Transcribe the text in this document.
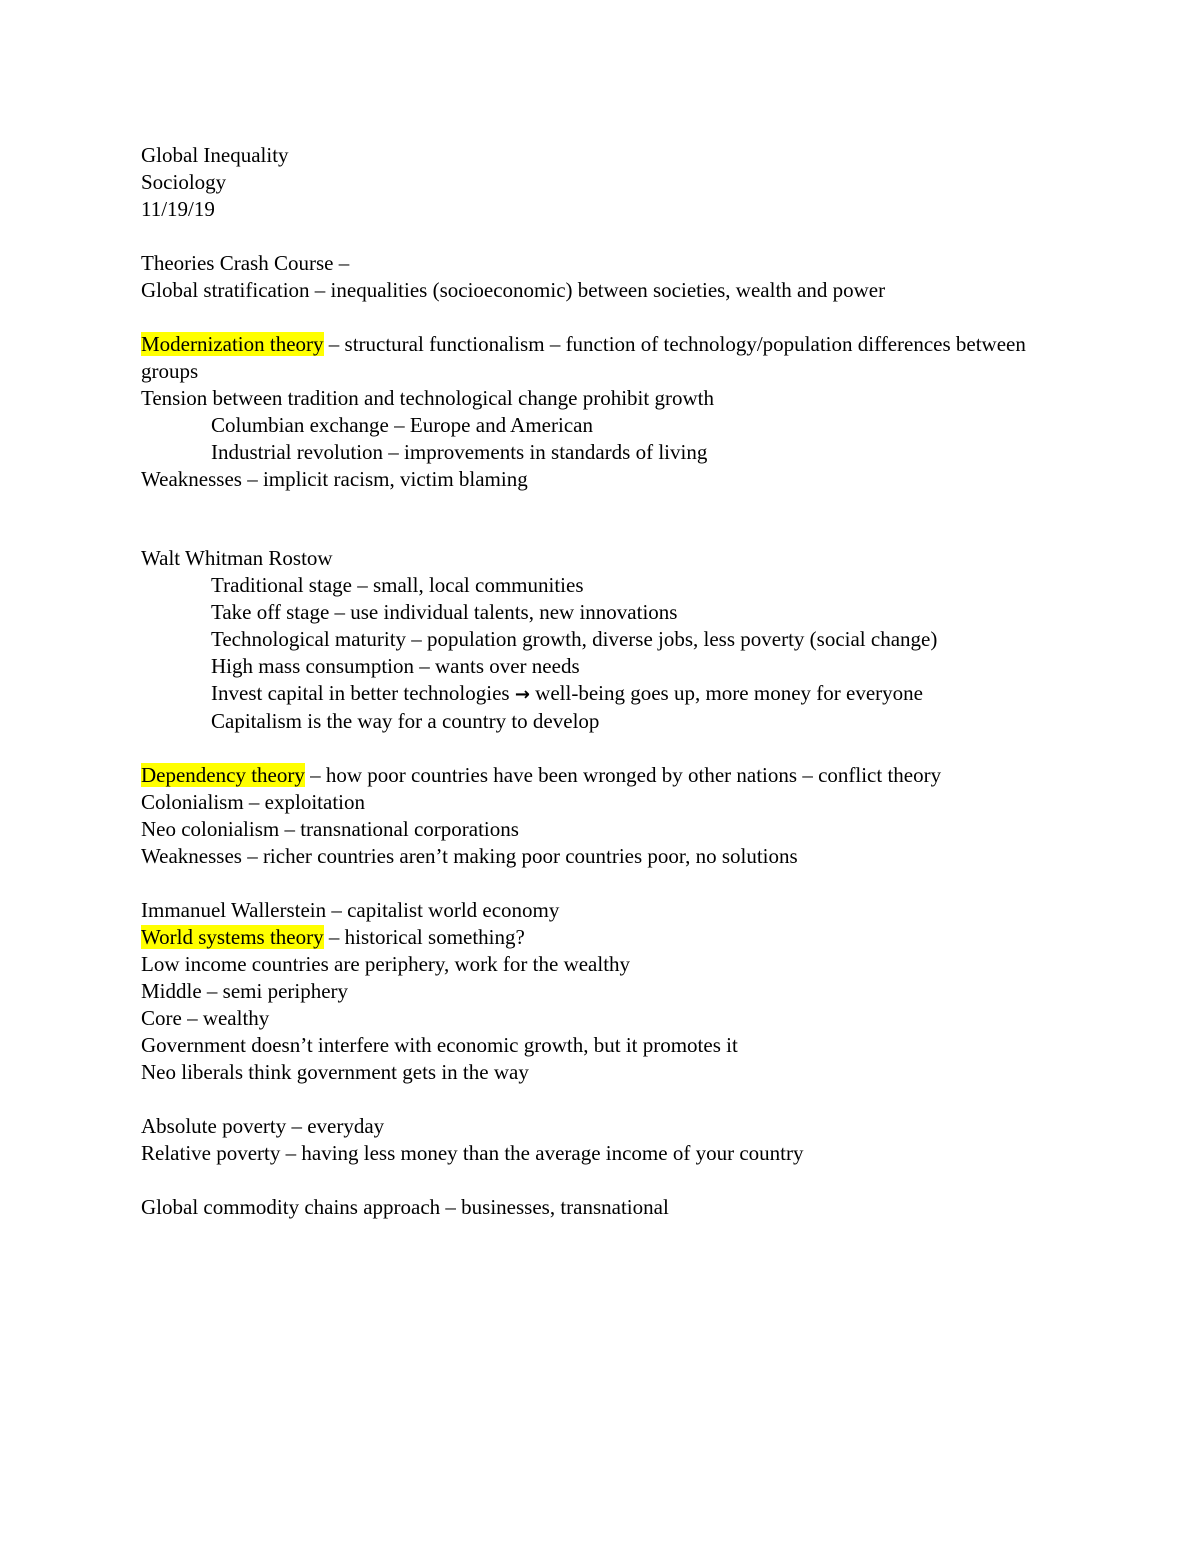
Global Inequality
Sociology
11/19/19
Theories Crash Course –
Global stratification – inequalities (socioeconomic) between societies, wealth and power
Modernization theory – structural functionalism – function of technology/population differences between groups
Tension between tradition and technological change prohibit growth
Columbian exchange – Europe and American
Industrial revolution – improvements in standards of living
Weaknesses – implicit racism, victim blaming
Walt Whitman Rostow
Traditional stage – small, local communities
Take off stage – use individual talents, new innovations
Technological maturity – population growth, diverse jobs, less poverty (social change)
High mass consumption – wants over needs
Invest capital in better technologies → well-being goes up, more money for everyone
Capitalism is the way for a country to develop
Dependency theory – how poor countries have been wronged by other nations – conflict theory
Colonialism – exploitation
Neo colonialism – transnational corporations
Weaknesses – richer countries aren’t making poor countries poor, no solutions
Immanuel Wallerstein – capitalist world economy
World systems theory – historical something?
Low income countries are periphery, work for the wealthy
Middle – semi periphery
Core – wealthy
Government doesn’t interfere with economic growth, but it promotes it
Neo liberals think government gets in the way
Absolute poverty – everyday
Relative poverty – having less money than the average income of your country
Global commodity chains approach – businesses, transnational
